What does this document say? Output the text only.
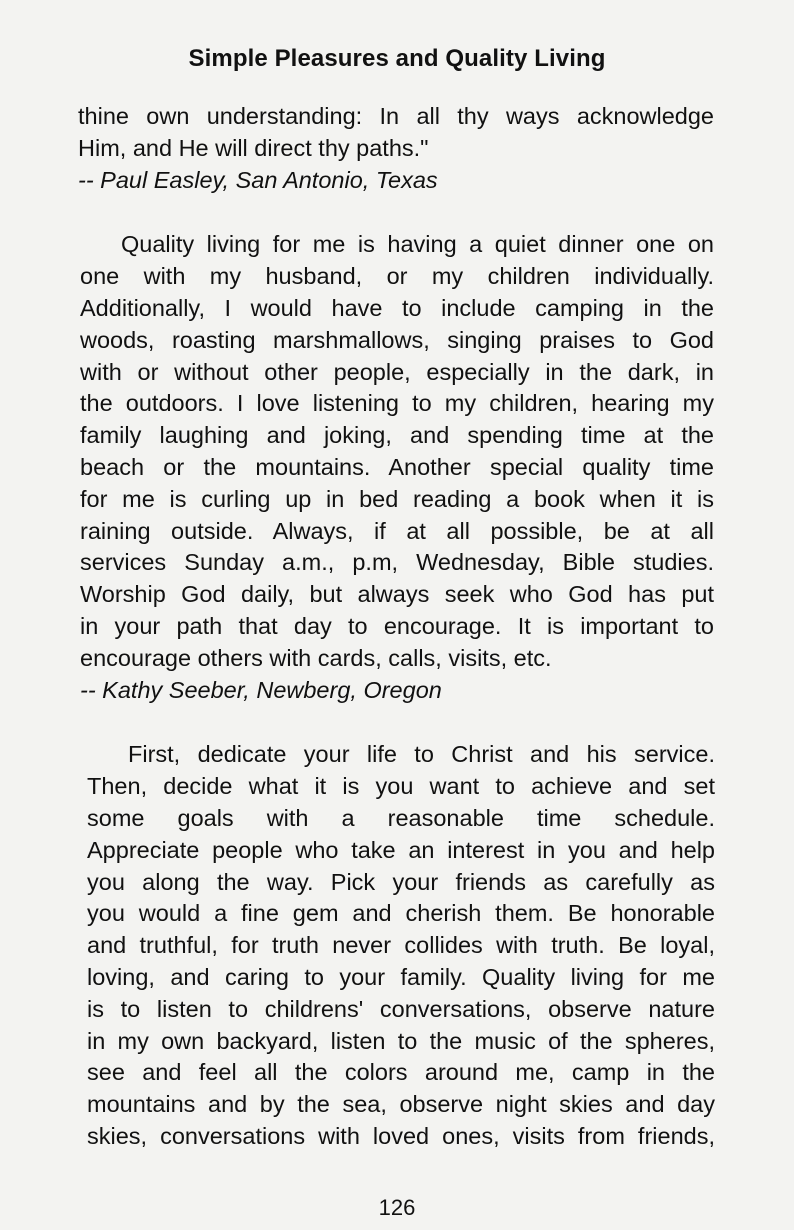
Simple Pleasures and Quality Living
thine own understanding: In all thy ways acknowledge
Him, and He will direct thy paths."
-- Paul Easley, San Antonio, Texas
Quality living for me is having a quiet dinner one on
one with my husband, or my children individually.
Additionally, I would have to include camping in the
woods, roasting marshmallows, singing praises to God
with or without other people, especially in the dark, in
the outdoors. I love listening to my children, hearing my
family laughing and joking, and spending time at the
beach or the mountains. Another special quality time
for me is curling up in bed reading a book when it is
raining outside. Always, if at all possible, be at all
services Sunday a.m., p.m, Wednesday, Bible studies.
Worship God daily, but always seek who God has put
in your path that day to encourage. It is important to
encourage others with cards, calls, visits, etc.
-- Kathy Seeber, Newberg, Oregon
First, dedicate your life to Christ and his service.
Then, decide what it is you want to achieve and set
some goals with a reasonable time schedule.
Appreciate people who take an interest in you and help
you along the way. Pick your friends as carefully as
you would a fine gem and cherish them. Be honorable
and truthful, for truth never collides with truth. Be loyal,
loving, and caring to your family. Quality living for me
is to listen to childrens' conversations, observe nature
in my own backyard, listen to the music of the spheres,
see and feel all the colors around me, camp in the
mountains and by the sea, observe night skies and day
skies, conversations with loved ones, visits from friends,
126
